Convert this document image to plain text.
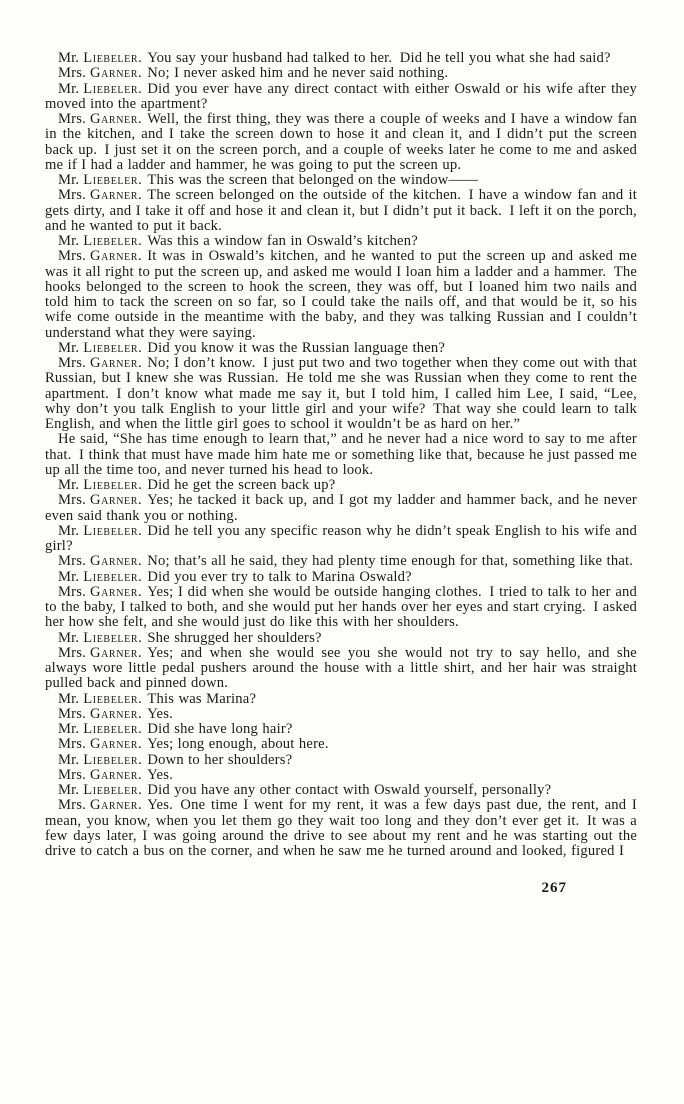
Mr. Liebeler. You say your husband had talked to her. Did he tell you what she had said?

Mrs. Garner. No; I never asked him and he never said nothing.

Mr. Liebeler. Did you ever have any direct contact with either Oswald or his wife after they moved into the apartment?

Mrs. Garner. Well, the first thing, they was there a couple of weeks and I have a window fan in the kitchen, and I take the screen down to hose it and clean it, and I didn’t put the screen back up. I just set it on the screen porch, and a couple of weeks later he come to me and asked me if I had a ladder and hammer, he was going to put the screen up.

Mr. Liebeler. This was the screen that belonged on the window——

Mrs. Garner. The screen belonged on the outside of the kitchen. I have a window fan and it gets dirty, and I take it off and hose it and clean it, but I didn’t put it back. I left it on the porch, and he wanted to put it back.

Mr. Liebeler. Was this a window fan in Oswald’s kitchen?

Mrs. Garner. It was in Oswald’s kitchen, and he wanted to put the screen up and asked me was it all right to put the screen up, and asked me would I loan him a ladder and a hammer. The hooks belonged to the screen to hook the screen, they was off, but I loaned him two nails and told him to tack the screen on so far, so I could take the nails off, and that would be it, so his wife come outside in the meantime with the baby, and they was talking Russian and I couldn’t understand what they were saying.

Mr. Liebeler. Did you know it was the Russian language then?

Mrs. Garner. No; I don’t know. I just put two and two together when they come out with that Russian, but I knew she was Russian. He told me she was Russian when they come to rent the apartment. I don’t know what made me say it, but I told him, I called him Lee, I said, “Lee, why don’t you talk English to your little girl and your wife? That way she could learn to talk English, and when the little girl goes to school it wouldn’t be as hard on her.”

He said, “She has time enough to learn that,” and he never had a nice word to say to me after that. I think that must have made him hate me or something like that, because he just passed me up all the time too, and never turned his head to look.

Mr. Liebeler. Did he get the screen back up?

Mrs. Garner. Yes; he tacked it back up, and I got my ladder and hammer back, and he never even said thank you or nothing.

Mr. Liebeler. Did he tell you any specific reason why he didn’t speak English to his wife and girl?

Mrs. Garner. No; that’s all he said, they had plenty time enough for that, something like that.

Mr. Liebeler. Did you ever try to talk to Marina Oswald?

Mrs. Garner. Yes; I did when she would be outside hanging clothes. I tried to talk to her and to the baby, I talked to both, and she would put her hands over her eyes and start crying. I asked her how she felt, and she would just do like this with her shoulders.

Mr. Liebeler. She shrugged her shoulders?

Mrs. Garner. Yes; and when she would see you she would not try to say hello, and she always wore little pedal pushers around the house with a little shirt, and her hair was straight pulled back and pinned down.

Mr. Liebeler. This was Marina?

Mrs. Garner. Yes.

Mr. Liebeler. Did she have long hair?

Mrs. Garner. Yes; long enough, about here.

Mr. Liebeler. Down to her shoulders?

Mrs. Garner. Yes.

Mr. Liebeler. Did you have any other contact with Oswald yourself, personally?

Mrs. Garner. Yes. One time I went for my rent, it was a few days past due, the rent, and I mean, you know, when you let them go they wait too long and they don’t ever get it. It was a few days later, I was going around the drive to see about my rent and he was starting out the drive to catch a bus on the corner, and when he saw me he turned around and looked, figured I

267
